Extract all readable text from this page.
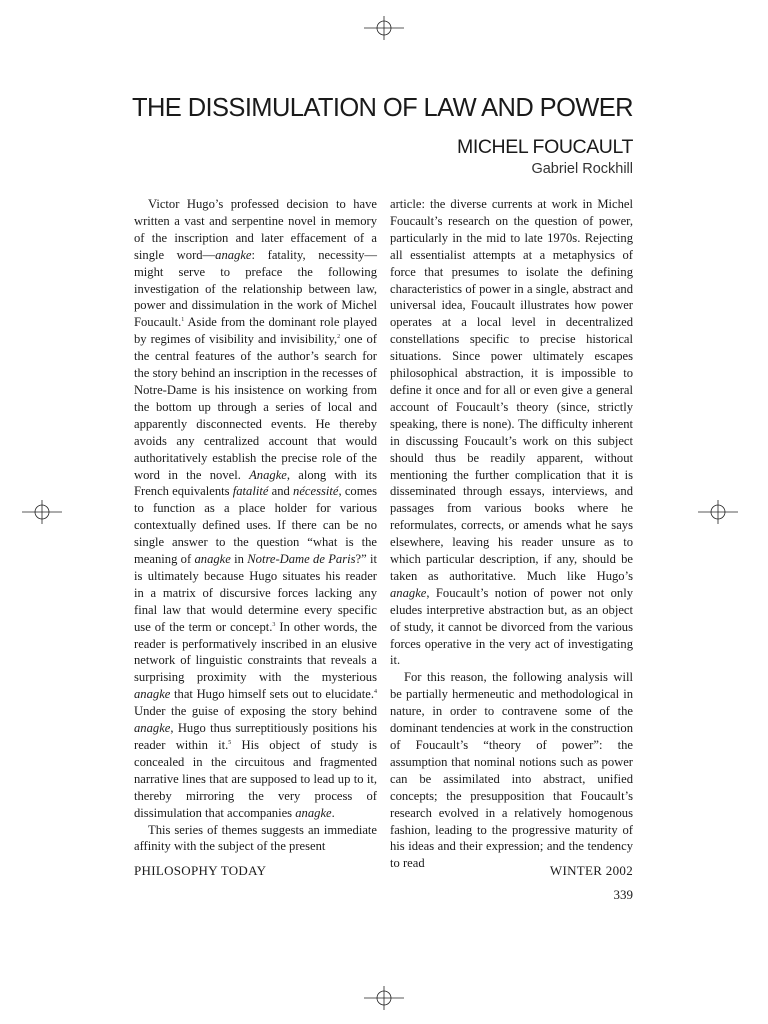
THE DISSIMULATION OF LAW AND POWER
MICHEL FOUCAULT

Gabriel Rockhill

Victor Hugo’s professed decision to have written a vast and serpentine novel in memory of the inscription and later effacement of a single word—anagke: fatality, necessity—might serve to preface the following investigation of the relationship between law, power and dissimulation in the work of Michel Foucault.$^1$ Aside from the dominant role played by regimes of visibility and invisibility,$^2$ one of the central features of the author’s search for the story behind an inscription in the recesses of Notre-Dame is his insistence on working from the bottom up through a series of local and apparently disconnected events. He thereby avoids any centralized account that would authoritatively establish the precise role of the word in the novel. Anagke, along with its French equivalents fatalité and nécessité, comes to function as a place holder for various contextually defined uses. If there can be no single answer to the question “what is the meaning of anagke in Notre-Dame de Paris?” it is ultimately because Hugo situates his reader in a matrix of discursive forces lacking any final law that would determine every specific use of the term or concept.$^3$ In other words, the reader is performatively inscribed in an elusive network of linguistic constraints that reveals a surprising proximity with the mysterious anagke that Hugo himself sets out to elucidate.$^4$ Under the guise of exposing the story behind anagke, Hugo thus surreptitiously positions his reader within it.$^5$ His object of study is concealed in the circuitous and fragmented narrative lines that are supposed to lead up to it, thereby mirroring the very process of dissimulation that accompanies anagke.

This series of themes suggests an immediate affinity with the subject of the present

article: the diverse currents at work in Michel Foucault’s research on the question of power, particularly in the mid to late 1970s. Rejecting all essentialist attempts at a metaphysics of force that presumes to isolate the defining characteristics of power in a single, abstract and universal idea, Foucault illustrates how power operates at a local level in decentralized constellations specific to precise historical situations. Since power ultimately escapes philosophical abstraction, it is impossible to define it once and for all or even give a general account of Foucault’s theory (since, strictly speaking, there is none). The difficulty inherent in discussing Foucault’s work on this subject should thus be readily apparent, without mentioning the further complication that it is disseminated through essays, interviews, and passages from various books where he reformulates, corrects, or amends what he says elsewhere, leaving his reader unsure as to which particular description, if any, should be taken as authoritative. Much like Hugo’s anagke, Foucault’s notion of power not only eludes interpretive abstraction but, as an object of study, it cannot be divorced from the various forces operative in the very act of investigating it.

For this reason, the following analysis will be partially hermeneutic and methodological in nature, in order to contravene some of the dominant tendencies at work in the construction of Foucault’s “theory of power”: the assumption that nominal notions such as power can be assimilated into abstract, unified concepts; the presupposition that Foucault’s research evolved in a relatively homogenous fashion, leading to the progressive maturity of his ideas and their expression; and the tendency to read

PHILOSOPHY TODAY	WINTER 2002

339
